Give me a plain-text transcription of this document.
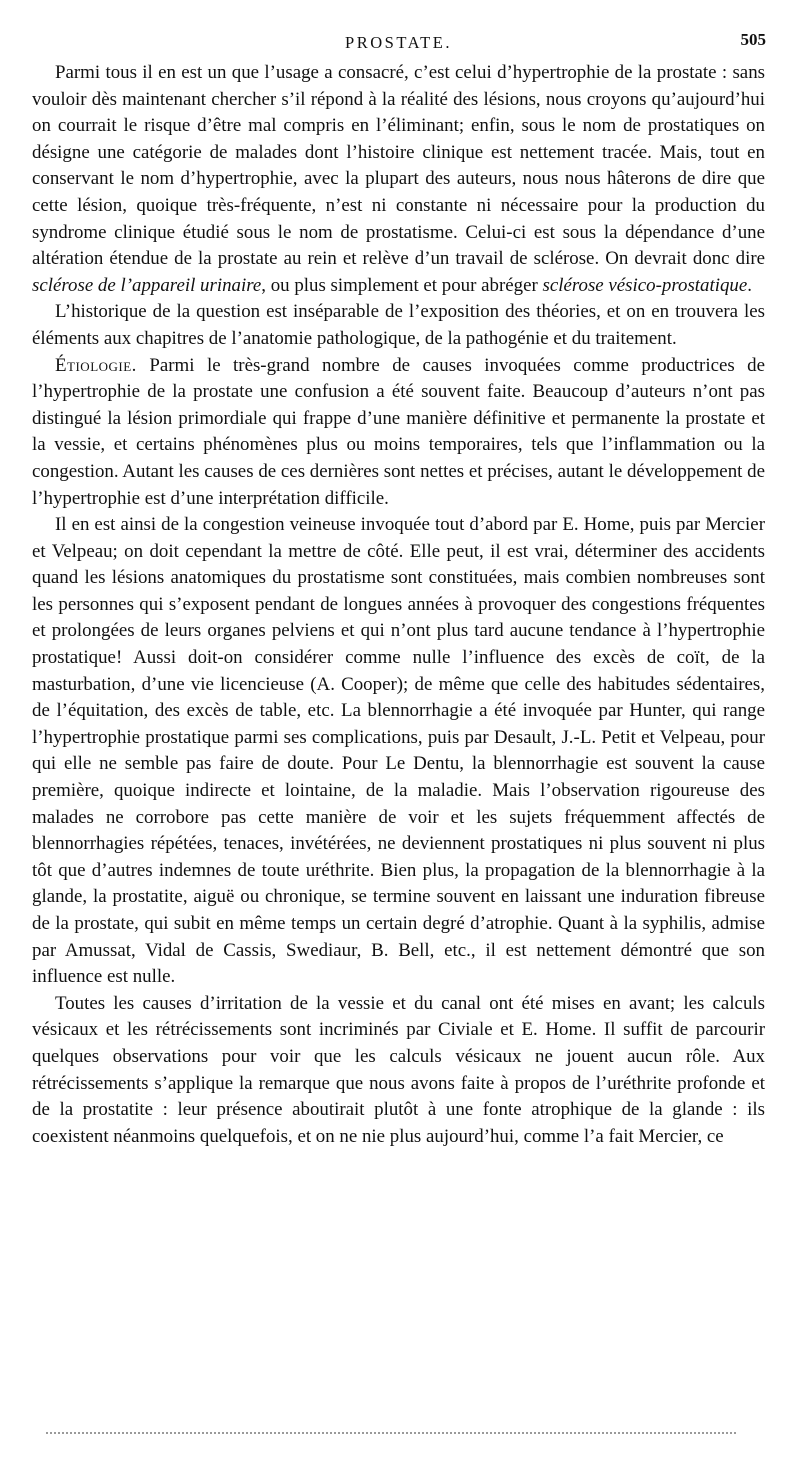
PROSTATE.	505

Parmi tous il en est un que l’usage a consacré, c’est celui d’hypertrophie de la prostate : sans vouloir dès maintenant chercher s’il répond à la réalité des lésions, nous croyons qu’aujourd’hui on courrait le risque d’être mal compris en l’éliminant; enfin, sous le nom de prostatiques on désigne une catégorie de malades dont l’histoire clinique est nettement tracée. Mais, tout en conservant le nom d’hypertrophie, avec la plupart des auteurs, nous nous hâterons de dire que cette lésion, quoique très-fréquente, n’est ni constante ni nécessaire pour la production du syndrome clinique étudié sous le nom de prostatisme. Celui-ci est sous la dépendance d’une altération étendue de la prostate au rein et relève d’un travail de sclérose. On devrait donc dire sclérose de l’appareil urinaire, ou plus simplement et pour abréger sclérose vésico-prostatique.

L’historique de la question est inséparable de l’exposition des théories, et on en trouvera les éléments aux chapitres de l’anatomie pathologique, de la pathogénie et du traitement.

Étiologie. Parmi le très-grand nombre de causes invoquées comme productrices de l’hypertrophie de la prostate une confusion a été souvent faite. Beaucoup d’auteurs n’ont pas distingué la lésion primordiale qui frappe d’une manière définitive et permanente la prostate et la vessie, et certains phénomènes plus ou moins temporaires, tels que l’inflammation ou la congestion. Autant les causes de ces dernières sont nettes et précises, autant le développement de l’hypertrophie est d’une interprétation difficile.

Il en est ainsi de la congestion veineuse invoquée tout d’abord par E. Home, puis par Mercier et Velpeau; on doit cependant la mettre de côté. Elle peut, il est vrai, déterminer des accidents quand les lésions anatomiques du prostatisme sont constituées, mais combien nombreuses sont les personnes qui s’exposent pendant de longues années à provoquer des congestions fréquentes et prolongées de leurs organes pelviens et qui n’ont plus tard aucune tendance à l’hypertrophie prostatique! Aussi doit-on considérer comme nulle l’influence des excès de coït, de la masturbation, d’une vie licencieuse (A. Cooper); de même que celle des habitudes sédentaires, de l’équitation, des excès de table, etc. La blennorrhagie a été invoquée par Hunter, qui range l’hypertrophie prostatique parmi ses complications, puis par Desault, J.-L. Petit et Velpeau, pour qui elle ne semble pas faire de doute. Pour Le Dentu, la blennorrhagie est souvent la cause première, quoique indirecte et lointaine, de la maladie. Mais l’observation rigoureuse des malades ne corrobore pas cette manière de voir et les sujets fréquemment affectés de blennorrhagies répétées, tenaces, invétérées, ne deviennent prostatiques ni plus souvent ni plus tôt que d’autres indemnes de toute uréthrite. Bien plus, la propagation de la blennorrhagie à la glande, la prostatite, aiguë ou chronique, se termine souvent en laissant une induration fibreuse de la prostate, qui subit en même temps un certain degré d’atrophie. Quant à la syphilis, admise par Amussat, Vidal de Cassis, Swediaur, B. Bell, etc., il est nettement démontré que son influence est nulle.

Toutes les causes d’irritation de la vessie et du canal ont été mises en avant; les calculs vésicaux et les rétrécissements sont incriminés par Civiale et E. Home. Il suffit de parcourir quelques observations pour voir que les calculs vésicaux ne jouent aucun rôle. Aux rétrécissements s’applique la remarque que nous avons faite à propos de l’uréthrite profonde et de la prostatite : leur présence aboutirait plutôt à une fonte atrophique de la glande : ils coexistent néanmoins quelquefois, et on ne nie plus aujourd’hui, comme l’a fait Mercier, ce
